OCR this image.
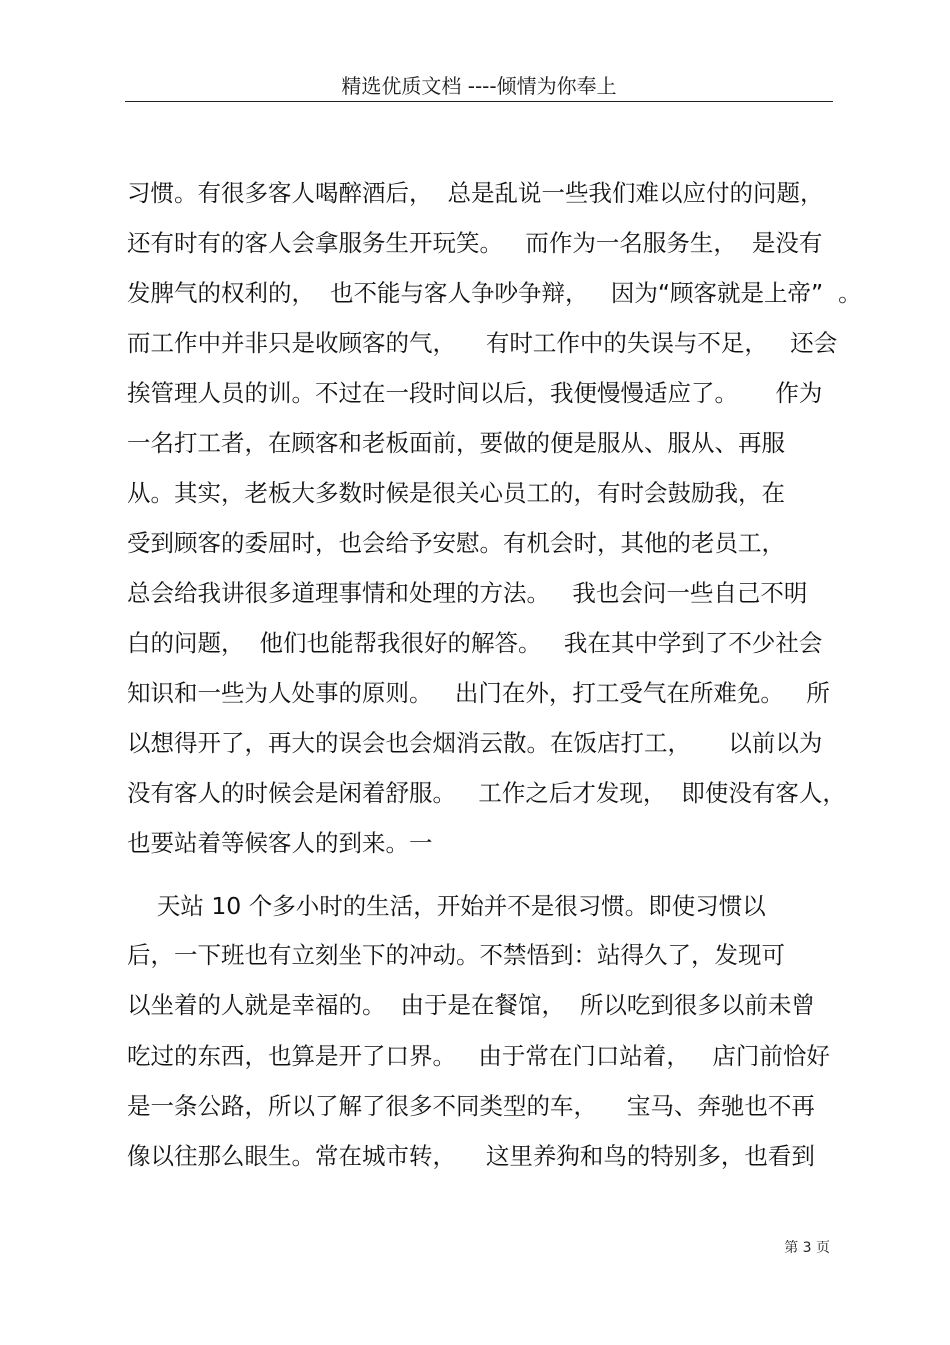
精选优质文档 ----倾情为你奉上
习惯。有很多客人喝醉酒后，  总是乱说一些我们难以应付的问题，
还有时有的客人会拿服务生开玩笑。   而作为一名服务生，  是没有
发脾气的权利的，  也不能与客人争吵争辩，   因为“顾客就是上帝”  。
而工作中并非只是收顾客的气，    有时工作中的失误与不足，   还会
挨管理人员的训。不过在一段时间以后，我便慢慢适应了。     作为
一名打工者，在顾客和老板面前，要做的便是服从、服从、再服
从。其实，老板大多数时候是很关心员工的，有时会鼓励我，在
受到顾客的委屈时，也会给予安慰。有机会时，其他的老员工，
总会给我讲很多道理事情和处理的方法。   我也会问一些自己不明
白的问题，  他们也能帮我很好的解答。   我在其中学到了不少社会
知识和一些为人处事的原则。   出门在外，打工受气在所难免。   所
以想得开了，再大的误会也会烟消云散。在饭店打工，     以前以为
没有客人的时候会是闲着舒服。   工作之后才发现，  即使没有客人，
也要站着等候客人的到来。一
天站 10 个多小时的生活，开始并不是很习惯。即使习惯以
后，一下班也有立刻坐下的冲动。不禁悟到：站得久了，发现可
以坐着的人就是幸福的。  由于是在餐馆，  所以吃到很多以前未曾
吃过的东西，也算是开了口界。   由于常在门口站着，   店门前恰好
是一条公路，所以了解了很多不同类型的车，    宝马、奔驰也不再
像以往那么眼生。常在城市转，    这里养狗和鸟的特别多，也看到
第 3 页
